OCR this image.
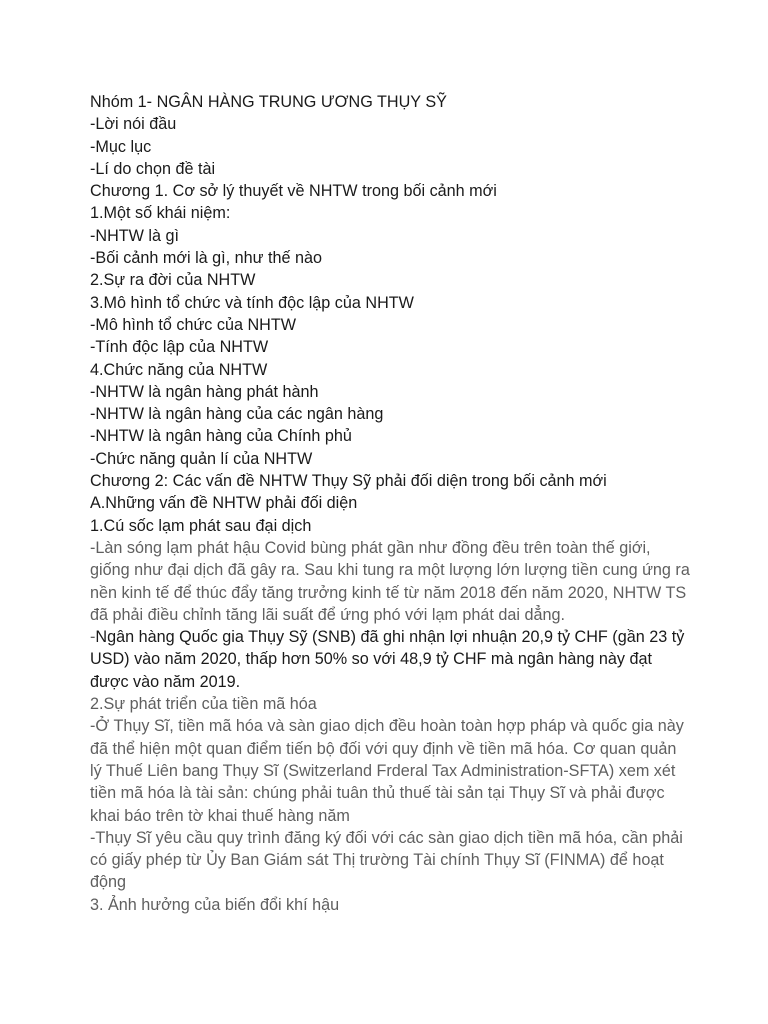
Nhóm 1- NGÂN HÀNG TRUNG ƯƠNG THỤY SỸ
-Lời nói đầu
-Mục lục
-Lí do chọn đề tài
Chương 1. Cơ sở lý thuyết về NHTW trong bối cảnh mới
1.Một số khái niệm:
-NHTW là gì
-Bối cảnh mới là gì, như thế nào
2.Sự ra đời của NHTW
3.Mô hình tổ chức và tính độc lập của NHTW
-Mô hình tổ chức của NHTW
-Tính độc lập của NHTW
4.Chức năng của NHTW
-NHTW là ngân hàng phát hành
-NHTW là ngân hàng của các ngân hàng
-NHTW là ngân hàng của Chính phủ
-Chức năng quản lí của NHTW
Chương 2: Các vấn đề NHTW Thụy Sỹ phải đối diện trong bối cảnh mới
A.Những vấn đề NHTW phải đối diện
1.Cú sốc lạm phát sau đại dịch
-Làn sóng lạm phát hậu Covid bùng phát gần như đồng đều trên toàn thế giới, giống như đại dịch đã gây ra. Sau khi tung ra một lượng lớn lượng tiền cung ứng ra nền kinh tế để thúc đẩy tăng trưởng kinh tế từ năm 2018 đến năm 2020, NHTW TS đã phải điều chỉnh tăng lãi suất để ứng phó với lạm phát dai dẳng.
-Ngân hàng Quốc gia Thụy Sỹ (SNB) đã ghi nhận lợi nhuận 20,9 tỷ CHF (gần 23 tỷ USD) vào năm 2020, thấp hơn 50% so với 48,9 tỷ CHF mà ngân hàng này đạt được vào năm 2019.
2.Sự phát triển của tiền mã hóa
-Ở Thụy Sĩ, tiền mã hóa và sàn giao dịch đều hoàn toàn hợp pháp và quốc gia này đã thể hiện một quan điểm tiến bộ đối với quy định về tiền mã hóa. Cơ quan quản lý Thuế Liên bang Thụy Sĩ (Switzerland Frderal Tax Administration-SFTA) xem xét tiền mã hóa là tài sản: chúng phải tuân thủ thuế tài sản tại Thụy Sĩ và phải được khai báo trên tờ khai thuế hàng năm
-Thụy Sĩ yêu cầu quy trình đăng ký đối với các sàn giao dịch tiền mã hóa, cần phải có giấy phép từ Ủy Ban Giám sát Thị trường Tài chính Thụy Sĩ (FINMA) để hoạt động
3. Ảnh hưởng của biến đổi khí hậu
